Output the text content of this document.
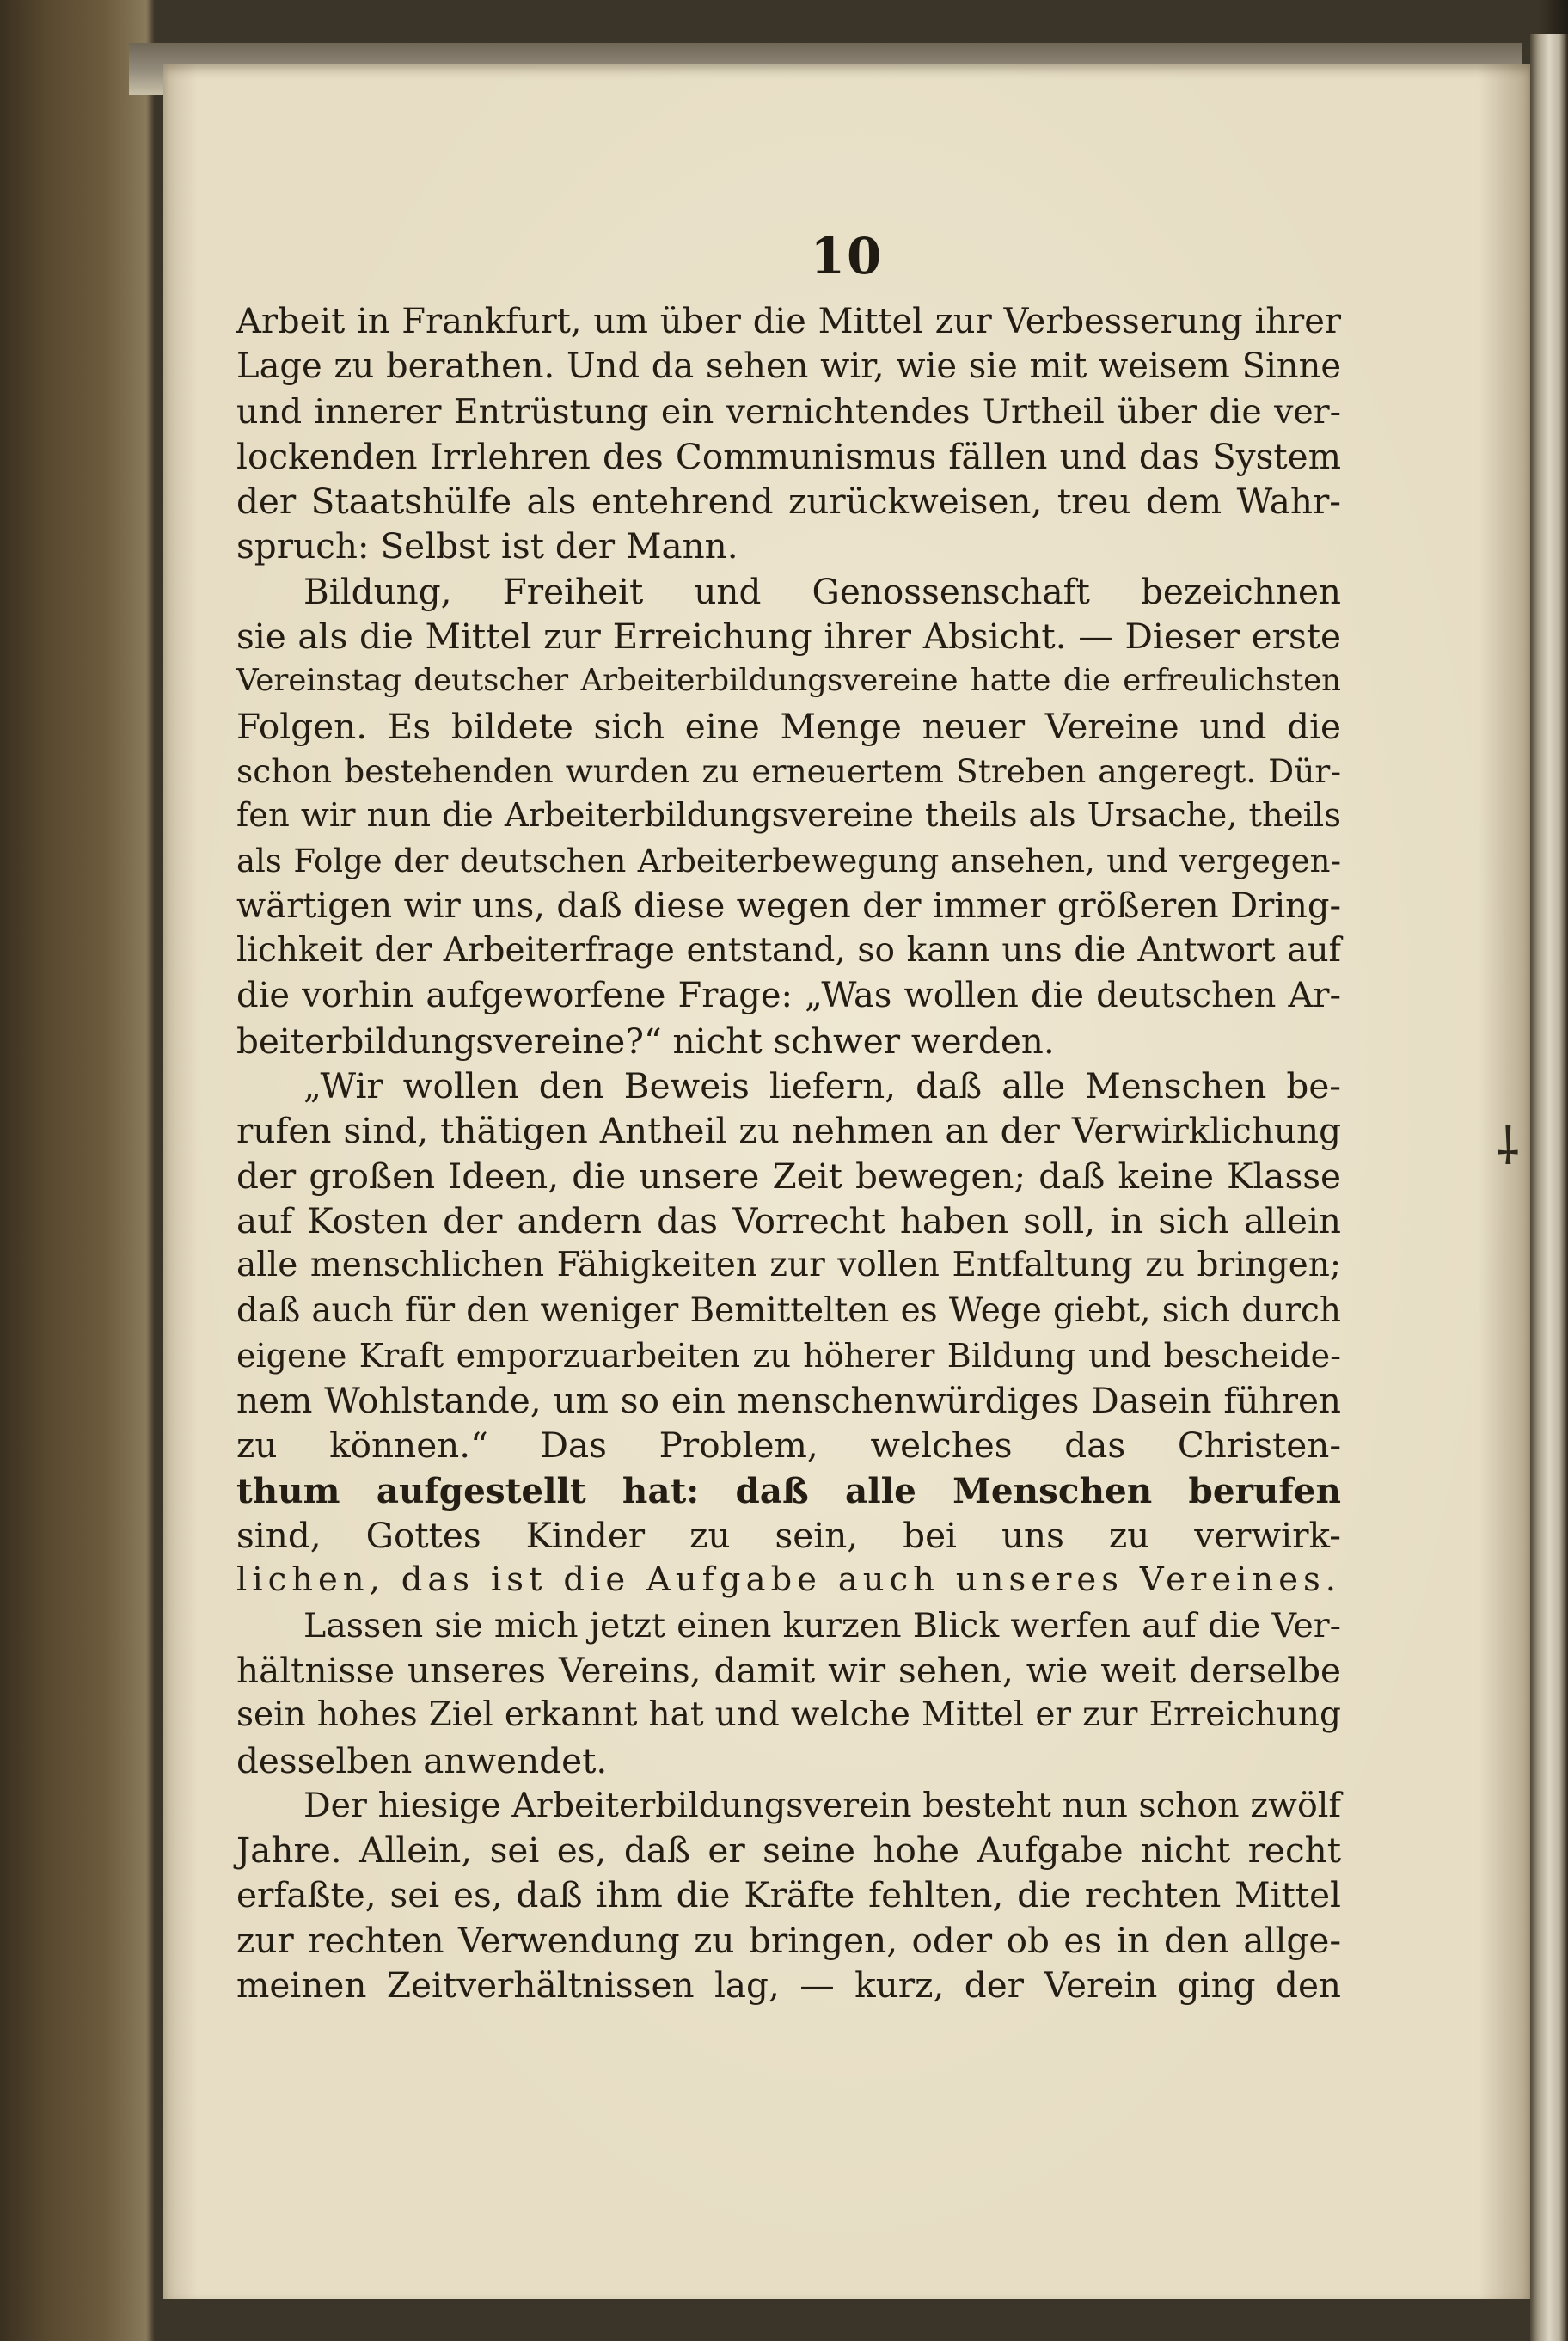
10
Arbeit in Frankfurt, um über die Mittel zur Verbesserung ihrer
Lage zu berathen. Und da sehen wir, wie sie mit weisem Sinne
und innerer Entrüstung ein vernichtendes Urtheil über die ver-
lockenden Irrlehren des Communismus fällen und das System
der Staatshülfe als entehrend zurückweisen, treu dem Wahr-
spruch: Selbst ist der Mann.
Bildung, Freiheit und Genossenschaft bezeichnen
sie als die Mittel zur Erreichung ihrer Absicht. — Dieser erste
Vereinstag deutscher Arbeiterbildungsvereine hatte die erfreulichsten
Folgen. Es bildete sich eine Menge neuer Vereine und die
schon bestehenden wurden zu erneuertem Streben angeregt. Dür-
fen wir nun die Arbeiterbildungsvereine theils als Ursache, theils
als Folge der deutschen Arbeiterbewegung ansehen, und vergegen-
wärtigen wir uns, daß diese wegen der immer größeren Dring-
lichkeit der Arbeiterfrage entstand, so kann uns die Antwort auf
die vorhin aufgeworfene Frage: „Was wollen die deutschen Ar-
beiterbildungsvereine?“ nicht schwer werden.
„Wir wollen den Beweis liefern, daß alle Menschen be-
rufen sind, thätigen Antheil zu nehmen an der Verwirklichung
der großen Ideen, die unsere Zeit bewegen; daß keine Klasse
auf Kosten der andern das Vorrecht haben soll, in sich allein
alle menschlichen Fähigkeiten zur vollen Entfaltung zu bringen;
daß auch für den weniger Bemittelten es Wege giebt, sich durch
eigene Kraft emporzuarbeiten zu höherer Bildung und bescheide-
nem Wohlstande, um so ein menschenwürdiges Dasein führen
zu können.“ Das Problem, welches das Christen-
thum aufgestellt hat: daß alle Menschen berufen
sind, Gottes Kinder zu sein, bei uns zu verwirk-
lichen, das ist die Aufgabe auch unseres Vereines.
Lassen sie mich jetzt einen kurzen Blick werfen auf die Ver-
hältnisse unseres Vereins, damit wir sehen, wie weit derselbe
sein hohes Ziel erkannt hat und welche Mittel er zur Erreichung
desselben anwendet.
Der hiesige Arbeiterbildungsverein besteht nun schon zwölf
Jahre. Allein, sei es, daß er seine hohe Aufgabe nicht recht
erfaßte, sei es, daß ihm die Kräfte fehlten, die rechten Mittel
zur rechten Verwendung zu bringen, oder ob es in den allge-
meinen Zeitverhältnissen lag, — kurz, der Verein ging den
⸸
